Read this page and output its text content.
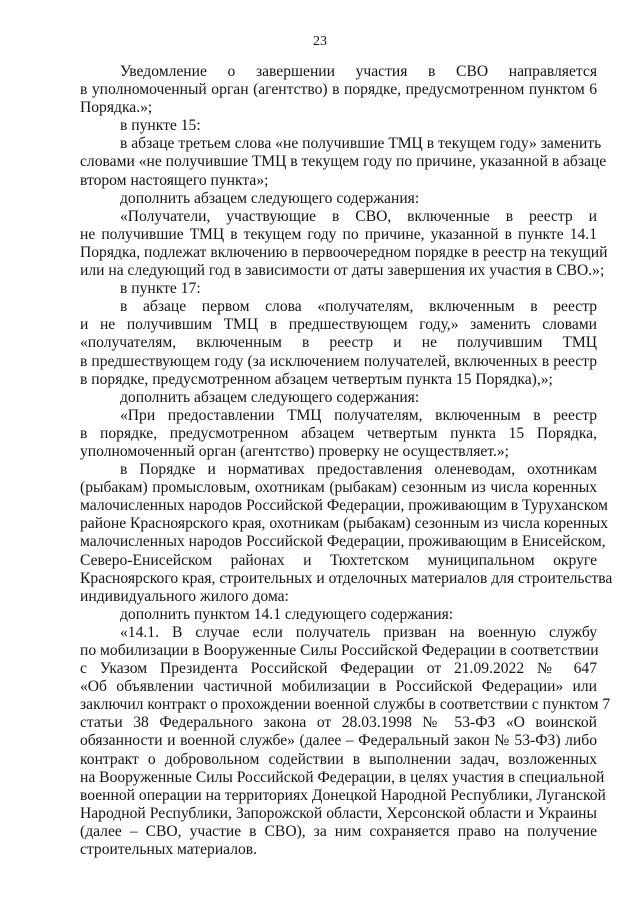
23
Уведомление о завершении участия в СВО направляется
в уполномоченный орган (агентство) в порядке, предусмотренном пунктом 6
Порядка.»;
в пункте 15:
в абзаце третьем слова «не получившие ТМЦ в текущем году» заменить
словами «не получившие ТМЦ в текущем году по причине, указанной в абзаце
втором настоящего пункта»;
дополнить абзацем следующего содержания:
«Получатели, участвующие в СВО, включенные в реестр и
не получившие ТМЦ в текущем году по причине, указанной в пункте 14.1
Порядка, подлежат включению в первоочередном порядке в реестр на текущий
или на следующий год в зависимости от даты завершения их участия в СВО.»;
в пункте 17:
в абзаце первом слова «получателям, включенным в реестр
и не получившим ТМЦ в предшествующем году,» заменить словами
«получателям, включенным в реестр и не получившим ТМЦ
в предшествующем году (за исключением получателей, включенных в реестр
в порядке, предусмотренном абзацем четвертым пункта 15 Порядка),»;
дополнить абзацем следующего содержания:
«При предоставлении ТМЦ получателям, включенным в реестр
в порядке, предусмотренном абзацем четвертым пункта 15 Порядка,
уполномоченный орган (агентство) проверку не осуществляет.»;
в Порядке и нормативах предоставления оленеводам, охотникам
(рыбакам) промысловым, охотникам (рыбакам) сезонным из числа коренных
малочисленных народов Российской Федерации, проживающим в Туруханском
районе Красноярского края, охотникам (рыбакам) сезонным из числа коренных
малочисленных народов Российской Федерации, проживающим в Енисейском,
Северо-Енисейском районах и Тюхтетском муниципальном округе
Красноярского края, строительных и отделочных материалов для строительства
индивидуального жилого дома:
дополнить пунктом 14.1 следующего содержания:
«14.1. В случае если получатель призван на военную службу
по мобилизации в Вооруженные Силы Российской Федерации в соответствии
с Указом Президента Российской Федерации от 21.09.2022 № 647
«Об объявлении частичной мобилизации в Российской Федерации» или
заключил контракт о прохождении военной службы в соответствии с пунктом 7
статьи 38 Федерального закона от 28.03.1998 № 53-ФЗ «О воинской
обязанности и военной службе» (далее – Федеральный закон № 53-ФЗ) либо
контракт о добровольном содействии в выполнении задач, возложенных
на Вооруженные Силы Российской Федерации, в целях участия в специальной
военной операции на территориях Донецкой Народной Республики, Луганской
Народной Республики, Запорожской области, Херсонской области и Украины
(далее – СВО, участие в СВО), за ним сохраняется право на получение
строительных материалов.
